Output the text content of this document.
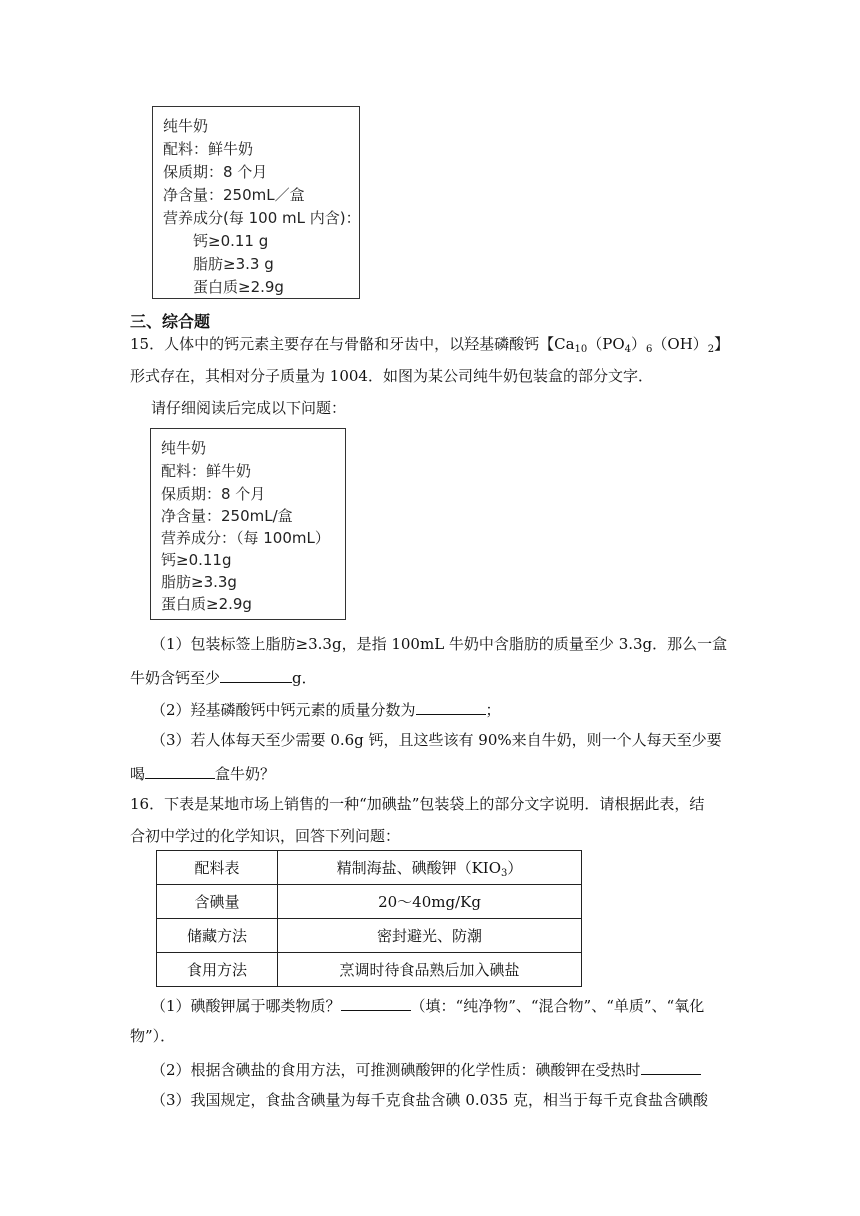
纯牛奶
配料：鲜牛奶
保质期：8 个月
净含量：250mL／盒
营养成分(每 100 mL 内含)：
钙≥0.11 g
脂肪≥3.3 g
蛋白质≥2.9g
三、综合题
15．人体中的钙元素主要存在与骨骼和牙齿中，以羟基磷酸钙【$Ca_{10}(PO_4)_6(OH)_2$】
形式存在，其相对分子质量为 1004．如图为某公司纯牛奶包装盒的部分文字．
请仔细阅读后完成以下问题：
纯牛奶
配料：鲜牛奶
保质期：8 个月
净含量：250mL/盒
营养成分：（每 100mL）
钙≥0.11g
脂肪≥3.3g
蛋白质≥2.9g
（1）包装标签上脂肪≥3.3g，是指 100mL 牛奶中含脂肪的质量至少 3.3g．那么一盒
牛奶含钙至少	g．
（2）羟基磷酸钙中钙元素的质量分数为	；
（3）若人体每天至少需要 0.6g 钙，且这些该有 90%来自牛奶，则一个人每天至少要
喝	盒牛奶？
16．下表是某地市场上销售的一种“加碘盐”包装袋上的部分文字说明．请根据此表，结
合初中学过的化学知识，回答下列问题：
配料表	精制海盐、碘酸钾$(KIO_3)$
含碘量	20～40mg/Kg
储藏方法	密封避光、防潮
食用方法	烹调时待食品熟后加入碘盐
（1）碘酸钾属于哪类物质？	（填：“纯净物”、“混合物”、“单质”、“氧化
物”）．
（2）根据含碘盐的食用方法，可推测碘酸钾的化学性质：碘酸钾在受热时
（3）我国规定，食盐含碘量为每千克食盐含碘 0.035 克，相当于每千克食盐含碘酸
